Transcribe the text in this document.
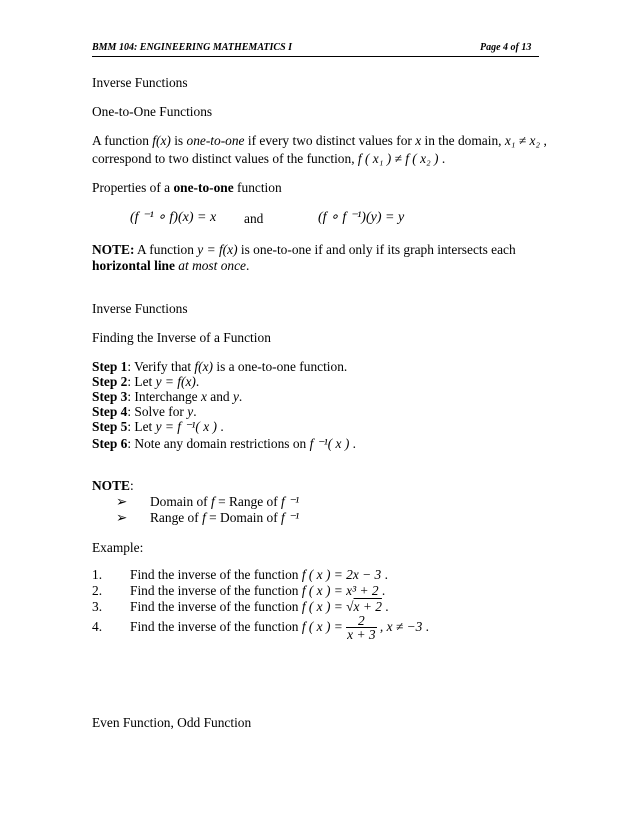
BMM 104: ENGINEERING MATHEMATICS I	Page 4 of 13
Inverse Functions
One-to-One Functions
A function f(x) is one-to-one if every two distinct values for x in the domain, x₁ ≠ x₂ ,
correspond to two distinct values of the function, f ( x₁ ) ≠ f ( x₂ ) .
Properties of a one-to-one function
(f ⁻¹ ∘ f)(x) = x and	(f ∘ f ⁻¹)(y) = y
NOTE: A function y = f(x) is one-to-one if and only if its graph intersects each
horizontal line at most once.
Inverse Functions
Finding the Inverse of a Function
Step 1: Verify that f(x) is a one-to-one function.
Step 2: Let y = f(x).
Step 3: Interchange x and y.
Step 4: Solve for y.
Step 5: Let y = f ⁻¹( x ) .
Step 6: Note any domain restrictions on f ⁻¹( x ) .
NOTE:
➢ Domain of f = Range of f ⁻¹
➢ Range of f = Domain of f ⁻¹
Example:
1. Find the inverse of the function f ( x ) = 2x − 3 .
2. Find the inverse of the function f ( x ) = x³ + 2 .
3. Find the inverse of the function f ( x ) = √x + 2 .
4. Find the inverse of the function f ( x ) = $\frac{2}{x + 3}$ , x ≠ −3 .
Even Function, Odd Function
